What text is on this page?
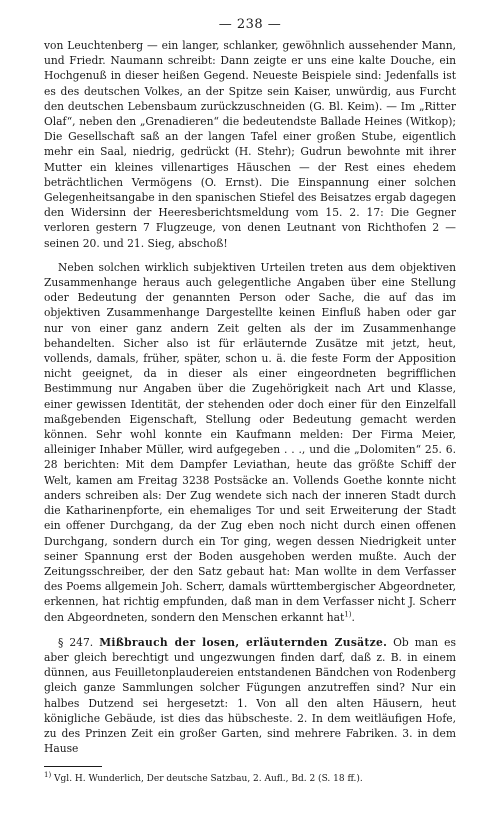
— 238 —

von Leuchtenberg — ein langer, schlanker, gewöhnlich aussehender Mann, und Friedr. Naumann schreibt: Dann zeigte er uns eine kalte Douche, ein Hochgenuß in dieser heißen Gegend. Neueste Beispiele sind: Jedenfalls ist es des deutschen Volkes, an der Spitze sein Kaiser, unwürdig, aus Furcht den deutschen Lebensbaum zurückzuschneiden (G. Bl. Keim). — Im „Ritter Olaf“, neben den „Grenadieren“ die bedeutendste Ballade Heines (Witkop); Die Gesellschaft saß an der langen Tafel einer großen Stube, eigentlich mehr ein Saal, niedrig, gedrückt (H. Stehr); Gudrun bewohnte mit ihrer Mutter ein kleines villenartiges Häuschen — der Rest eines ehedem beträchtlichen Vermögens (O. Ernst). Die Einspannung einer solchen Gelegenheitsangabe in den spanischen Stiefel des Beisatzes ergab dagegen den Widersinn der Heeresberichtsmeldung vom 15. 2. 17: Die Gegner verloren gestern 7 Flugzeuge, von denen Leutnant von Richthofen 2 — seinen 20. und 21. Sieg, abschoß!

Neben solchen wirklich subjektiven Urteilen treten aus dem objektiven Zusammenhange heraus auch gelegentliche Angaben über eine Stellung oder Bedeutung der genannten Person oder Sache, die auf das im objektiven Zusammenhange Dargestellte keinen Einfluß haben oder gar nur von einer ganz andern Zeit gelten als der im Zusammenhange behandelten. Sicher also ist für erläuternde Zusätze mit jetzt, heut, vollends, damals, früher, später, schon u. ä. die feste Form der Apposition nicht geeignet, da in dieser als einer eingeordneten begrifflichen Bestimmung nur Angaben über die Zugehörigkeit nach Art und Klasse, einer gewissen Identität, der stehenden oder doch einer für den Einzelfall maßgebenden Eigenschaft, Stellung oder Bedeutung gemacht werden können. Sehr wohl konnte ein Kaufmann melden: Der Firma Meier, alleiniger Inhaber Müller, wird aufgegeben . . ., und die „Dolomiten“ 25. 6. 28 berichten: Mit dem Dampfer Leviathan, heute das größte Schiff der Welt, kamen am Freitag 3238 Postsäcke an. Vollends Goethe konnte nicht anders schreiben als: Der Zug wendete sich nach der inneren Stadt durch die Katharinenpforte, ein ehemaliges Tor und seit Erweiterung der Stadt ein offener Durchgang, da der Zug eben noch nicht durch einen offenen Durchgang, sondern durch ein Tor ging, wegen dessen Niedrigkeit unter seiner Spannung erst der Boden ausgehoben werden mußte. Auch der Zeitungsschreiber, der den Satz gebaut hat: Man wollte in dem Verfasser des Poems allgemein Joh. Scherr, damals württembergischer Abgeordneter, erkennen, hat richtig empfunden, daß man in dem Verfasser nicht J. Scherr den Abgeordneten, sondern den Menschen erkannt hat$^{1)}$.

§ 247. Mißbrauch der losen, erläuternden Zusätze. Ob man es aber gleich berechtigt und ungezwungen finden darf, daß z. B. in einem dünnen, aus Feuilletonplaudereien entstandenen Bändchen von Rodenberg gleich ganze Sammlungen solcher Fügungen anzutreffen sind? Nur ein halbes Dutzend sei hergesetzt: 1. Von all den alten Häusern, heut königliche Gebäude, ist dies das hübscheste. 2. In dem weitläufigen Hofe, zu des Prinzen Zeit ein großer Garten, sind mehrere Fabriken. 3. in dem Hause

$^{1)}$ Vgl. H. Wunderlich, Der deutsche Satzbau, 2. Aufl., Bd. 2 (S. 18 ff.).
